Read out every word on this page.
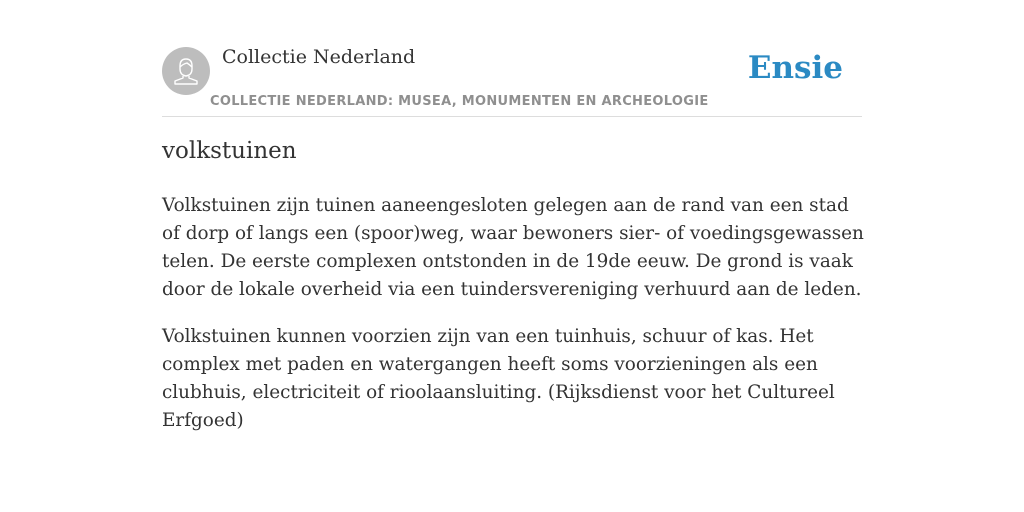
Collectie Nederland
COLLECTIE NEDERLAND: MUSEA, MONUMENTEN EN ARCHEOLOGIE
Ensie
volkstuinen

Volkstuinen zijn tuinen aaneengesloten gelegen aan de rand van een stad of dorp of langs een (spoor)weg, waar bewoners sier- of voedingsgewassen telen. De eerste complexen ontstonden in de 19de eeuw. De grond is vaak door de lokale overheid via een tuindersvereniging verhuurd aan de leden.

Volkstuinen kunnen voorzien zijn van een tuinhuis, schuur of kas. Het complex met paden en watergangen heeft soms voorzieningen als een clubhuis, electriciteit of rioolaansluiting. (Rijksdienst voor het Cultureel Erfgoed)
